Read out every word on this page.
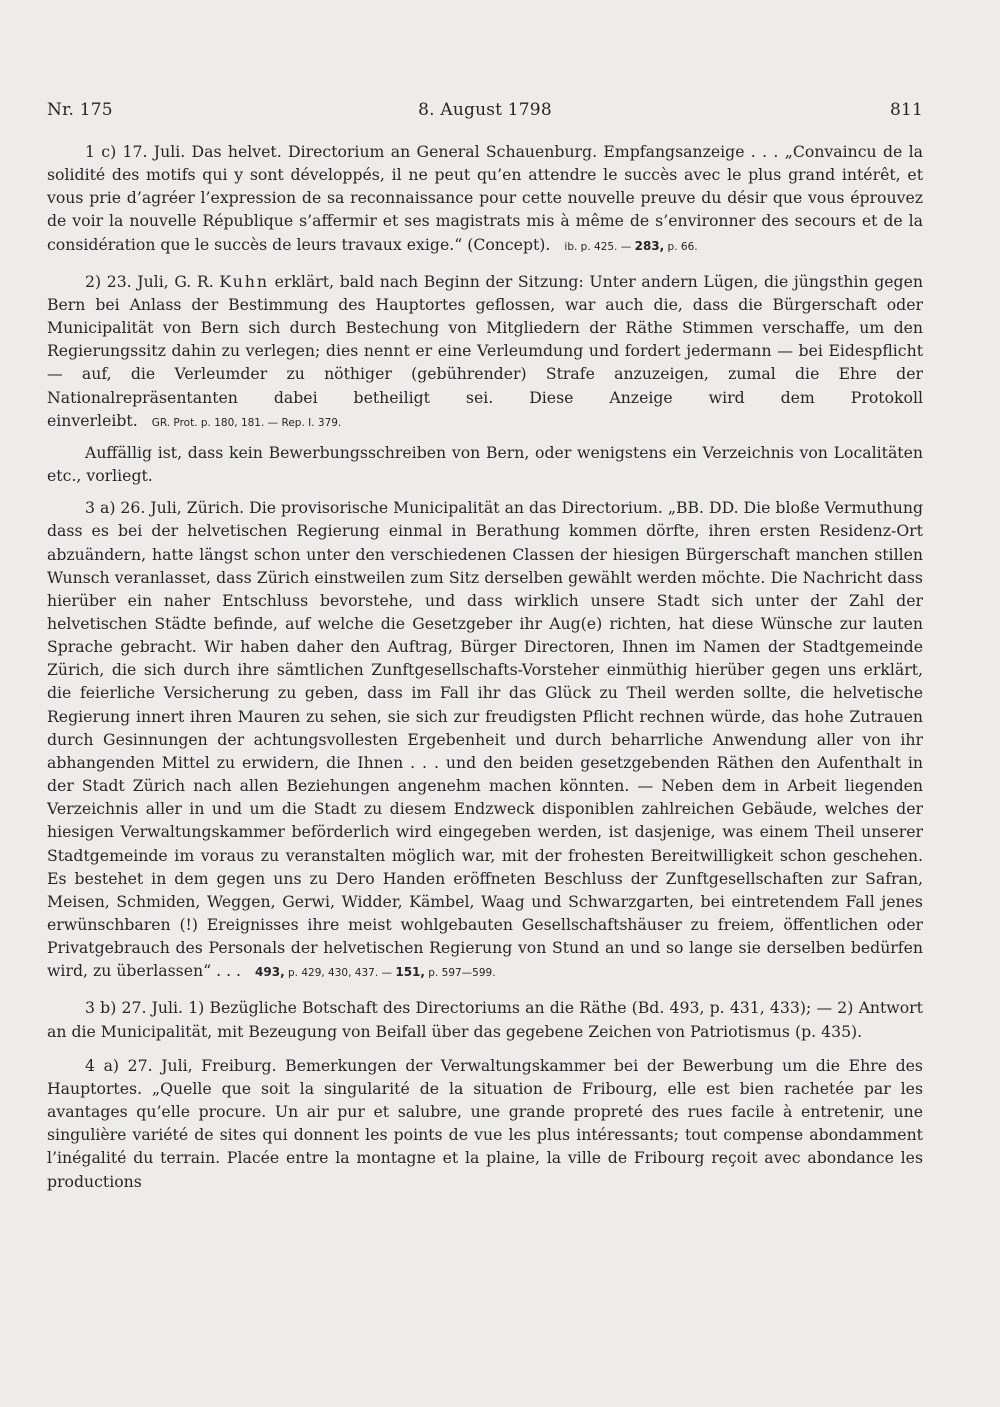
Nr. 175	8. August 1798	811

1 c) 17. Juli. Das helvet. Directorium an General Schauenburg. Empfangsanzeige . . . „Convaincu de la solidité des motifs qui y sont développés, il ne peut qu’en attendre le succès avec le plus grand intérêt, et vous prie d’agréer l’expression de sa reconnaissance pour cette nouvelle preuve du désir que vous éprouvez de voir la nouvelle République s’affermir et ses magistrats mis à même de s’environner des secours et de la considération que le succès de leurs travaux exige.“ (Concept). ib. p. 425. — 283, p. 66.

2) 23. Juli, G. R. Kuhn erklärt, bald nach Beginn der Sitzung: Unter andern Lügen, die jüngsthin gegen Bern bei Anlass der Bestimmung des Hauptortes geflossen, war auch die, dass die Bürgerschaft oder Municipalität von Bern sich durch Bestechung von Mitgliedern der Räthe Stimmen verschaffe, um den Regierungssitz dahin zu verlegen; dies nennt er eine Verleumdung und fordert jedermann — bei Eidespflicht — auf, die Verleumder zu nöthiger (gebührender) Strafe anzuzeigen, zumal die Ehre der Nationalrepräsentanten dabei betheiligt sei. Diese Anzeige wird dem Protokoll einverleibt. GR. Prot. p. 180, 181. — Rep. I. 379.

Auffällig ist, dass kein Bewerbungsschreiben von Bern, oder wenigstens ein Verzeichnis von Localitäten etc., vorliegt.

3 a) 26. Juli, Zürich. Die provisorische Municipalität an das Directorium. „BB. DD. Die bloße Vermuthung dass es bei der helvetischen Regierung einmal in Berathung kommen dörfte, ihren ersten Residenz-Ort abzuändern, hatte längst schon unter den verschiedenen Classen der hiesigen Bürgerschaft manchen stillen Wunsch veranlasset, dass Zürich einstweilen zum Sitz derselben gewählt werden möchte. Die Nachricht dass hierüber ein naher Entschluss bevorstehe, und dass wirklich unsere Stadt sich unter der Zahl der helvetischen Städte befinde, auf welche die Gesetzgeber ihr Aug(e) richten, hat diese Wünsche zur lauten Sprache gebracht. Wir haben daher den Auftrag, Bürger Directoren, Ihnen im Namen der Stadtgemeinde Zürich, die sich durch ihre sämtlichen Zunftgesellschafts-Vorsteher einmüthig hierüber gegen uns erklärt, die feierliche Versicherung zu geben, dass im Fall ihr das Glück zu Theil werden sollte, die helvetische Regierung innert ihren Mauren zu sehen, sie sich zur freudigsten Pflicht rechnen würde, das hohe Zutrauen durch Gesinnungen der achtungsvollesten Ergebenheit und durch beharrliche Anwendung aller von ihr abhangenden Mittel zu erwidern, die Ihnen . . . und den beiden gesetzgebenden Räthen den Aufenthalt in der Stadt Zürich nach allen Beziehungen angenehm machen könnten. — Neben dem in Arbeit liegenden Verzeichnis aller in und um die Stadt zu diesem Endzweck disponiblen zahlreichen Gebäude, welches der hiesigen Verwaltungskammer beförderlich wird eingegeben werden, ist dasjenige, was einem Theil unserer Stadtgemeinde im voraus zu veranstalten möglich war, mit der frohesten Bereitwilligkeit schon geschehen. Es bestehet in dem gegen uns zu Dero Handen eröffneten Beschluss der Zunftgesellschaften zur Safran, Meisen, Schmiden, Weggen, Gerwi, Widder, Kämbel, Waag und Schwarzgarten, bei eintretendem Fall jenes erwünschbaren (!) Ereignisses ihre meist wohlgebauten Gesellschaftshäuser zu freiem, öffentlichen oder Privatgebrauch des Personals der helvetischen Regierung von Stund an und so lange sie derselben bedürfen wird, zu überlassen“ . . . 493, p. 429, 430, 437. — 151, p. 597—599.

3 b) 27. Juli. 1) Bezügliche Botschaft des Directoriums an die Räthe (Bd. 493, p. 431, 433); — 2) Antwort an die Municipalität, mit Bezeugung von Beifall über das gegebene Zeichen von Patriotismus (p. 435).

4 a) 27. Juli, Freiburg. Bemerkungen der Verwaltungskammer bei der Bewerbung um die Ehre des Hauptortes. „Quelle que soit la singularité de la situation de Fribourg, elle est bien rachetée par les avantages qu’elle procure. Un air pur et salubre, une grande propreté des rues facile à entretenir, une singulière variété de sites qui donnent les points de vue les plus intéressants; tout compense abondamment l’inégalité du terrain. Placée entre la montagne et la plaine, la ville de Fribourg reçoit avec abondance les productions
